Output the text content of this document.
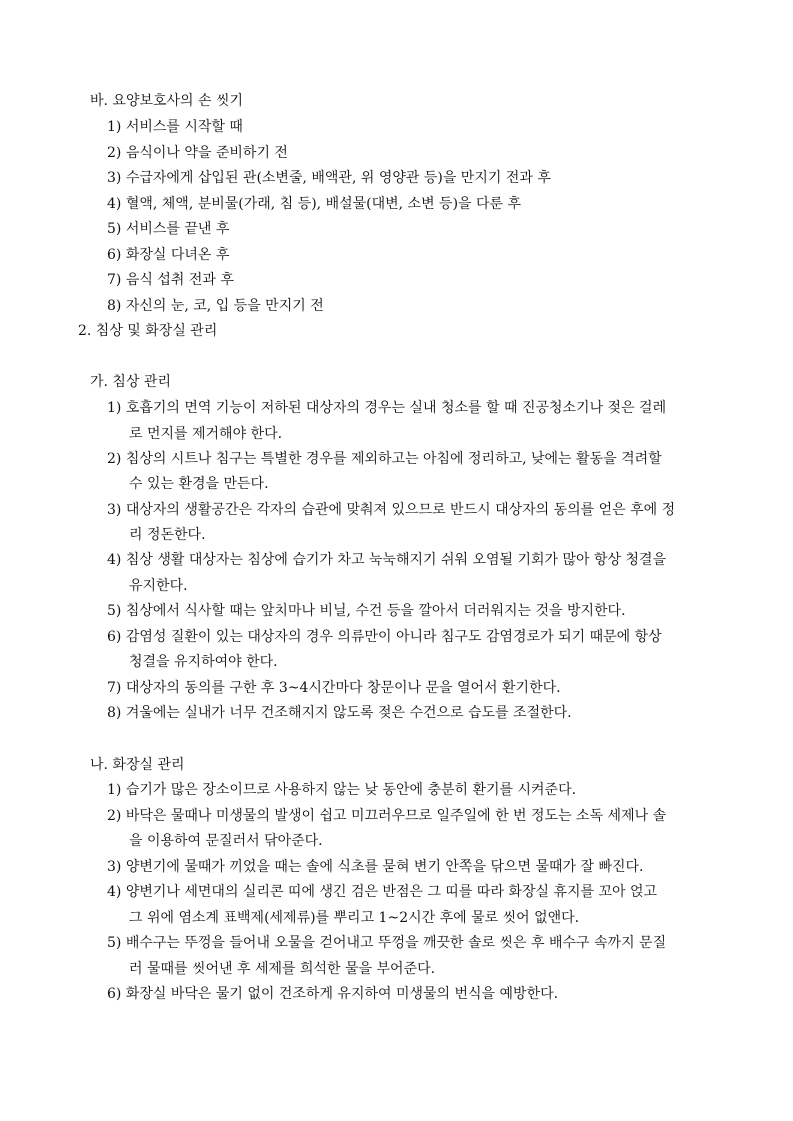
바. 요양보호사의 손 씻기
1) 서비스를 시작할 때
2) 음식이나 약을 준비하기 전
3) 수급자에게 삽입된 관(소변줄, 배액관, 위 영양관 등)을 만지기 전과 후
4) 혈액, 체액, 분비물(가래, 침 등), 배설물(대변, 소변 등)을 다룬 후
5) 서비스를 끝낸 후
6) 화장실 다녀온 후
7) 음식 섭취 전과 후
8) 자신의 눈, 코, 입 등을 만지기 전
2. 침상 및 화장실 관리
가. 침상 관리
1) 호흡기의 면역 기능이 저하된 대상자의 경우는 실내 청소를 할 때 진공청소기나 젖은 걸레
로 먼지를 제거해야 한다.
2) 침상의 시트나 침구는 특별한 경우를 제외하고는 아침에 정리하고, 낮에는 활동을 격려할
수 있는 환경을 만든다.
3) 대상자의 생활공간은 각자의 습관에 맞춰져 있으므로 반드시 대상자의 동의를 얻은 후에 정
리 정돈한다.
4) 침상 생활 대상자는 침상에 습기가 차고 눅눅해지기 쉬워 오염될 기회가 많아 항상 청결을
유지한다.
5) 침상에서 식사할 때는 앞치마나 비닐, 수건 등을 깔아서 더러워지는 것을 방지한다.
6) 감염성 질환이 있는 대상자의 경우 의류만이 아니라 침구도 감염경로가 되기 때문에 항상
청결을 유지하여야 한다.
7) 대상자의 동의를 구한 후 3~4시간마다 창문이나 문을 열어서 환기한다.
8) 겨울에는 실내가 너무 건조해지지 않도록 젖은 수건으로 습도를 조절한다.
나. 화장실 관리
1) 습기가 많은 장소이므로 사용하지 않는 낮 동안에 충분히 환기를 시켜준다.
2) 바닥은 물때나 미생물의 발생이 쉽고 미끄러우므로 일주일에 한 번 정도는 소독 세제나 솔
을 이용하여 문질러서 닦아준다.
3) 양변기에 물때가 끼었을 때는 솔에 식초를 묻혀 변기 안쪽을 닦으면 물때가 잘 빠진다.
4) 양변기나 세면대의 실리콘 띠에 생긴 검은 반점은 그 띠를 따라 화장실 휴지를 꼬아 얹고
그 위에 염소계 표백제(세제류)를 뿌리고 1~2시간 후에 물로 씻어 없앤다.
5) 배수구는 뚜껑을 들어내 오물을 걷어내고 뚜껑을 깨끗한 솔로 씻은 후 배수구 속까지 문질
러 물때를 씻어낸 후 세제를 희석한 물을 부어준다.
6) 화장실 바닥은 물기 없이 건조하게 유지하여 미생물의 번식을 예방한다.
